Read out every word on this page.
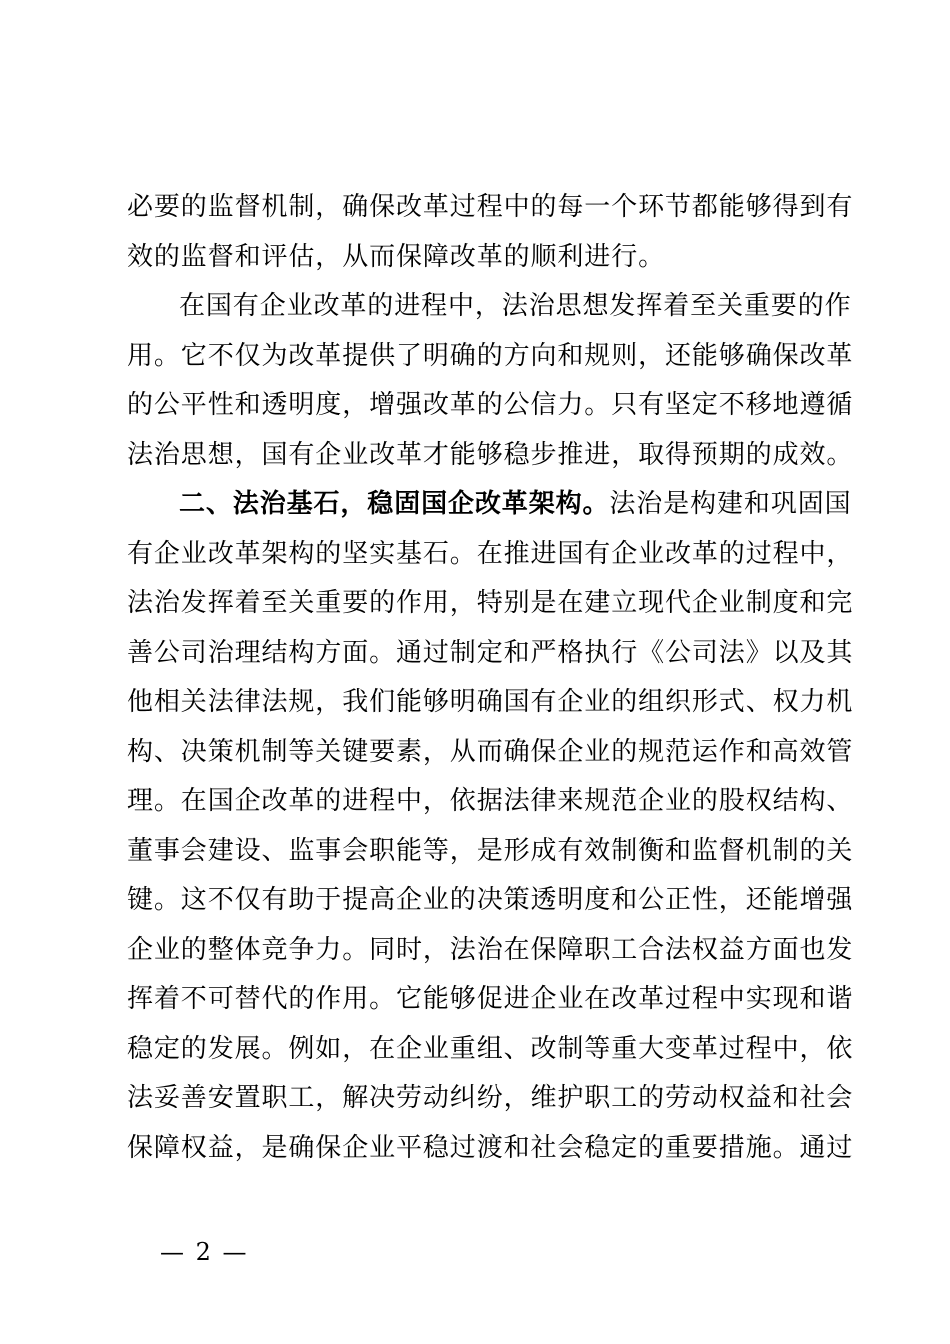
必要的监督机制，确保改革过程中的每一个环节都能够得到有
效的监督和评估，从而保障改革的顺利进行。
在国有企业改革的进程中，法治思想发挥着至关重要的作
用。它不仅为改革提供了明确的方向和规则，还能够确保改革
的公平性和透明度，增强改革的公信力。只有坚定不移地遵循
法治思想，国有企业改革才能够稳步推进，取得预期的成效。
二、法治基石，稳固国企改革架构。法治是构建和巩固国
有企业改革架构的坚实基石。在推进国有企业改革的过程中，
法治发挥着至关重要的作用，特别是在建立现代企业制度和完
善公司治理结构方面。通过制定和严格执行《公司法》以及其
他相关法律法规，我们能够明确国有企业的组织形式、权力机
构、决策机制等关键要素，从而确保企业的规范运作和高效管
理。在国企改革的进程中，依据法律来规范企业的股权结构、
董事会建设、监事会职能等，是形成有效制衡和监督机制的关
键。这不仅有助于提高企业的决策透明度和公正性，还能增强
企业的整体竞争力。同时，法治在保障职工合法权益方面也发
挥着不可替代的作用。它能够促进企业在改革过程中实现和谐
稳定的发展。例如，在企业重组、改制等重大变革过程中，依
法妥善安置职工，解决劳动纠纷，维护职工的劳动权益和社会
保障权益，是确保企业平稳过渡和社会稳定的重要措施。通过
— 2 —
